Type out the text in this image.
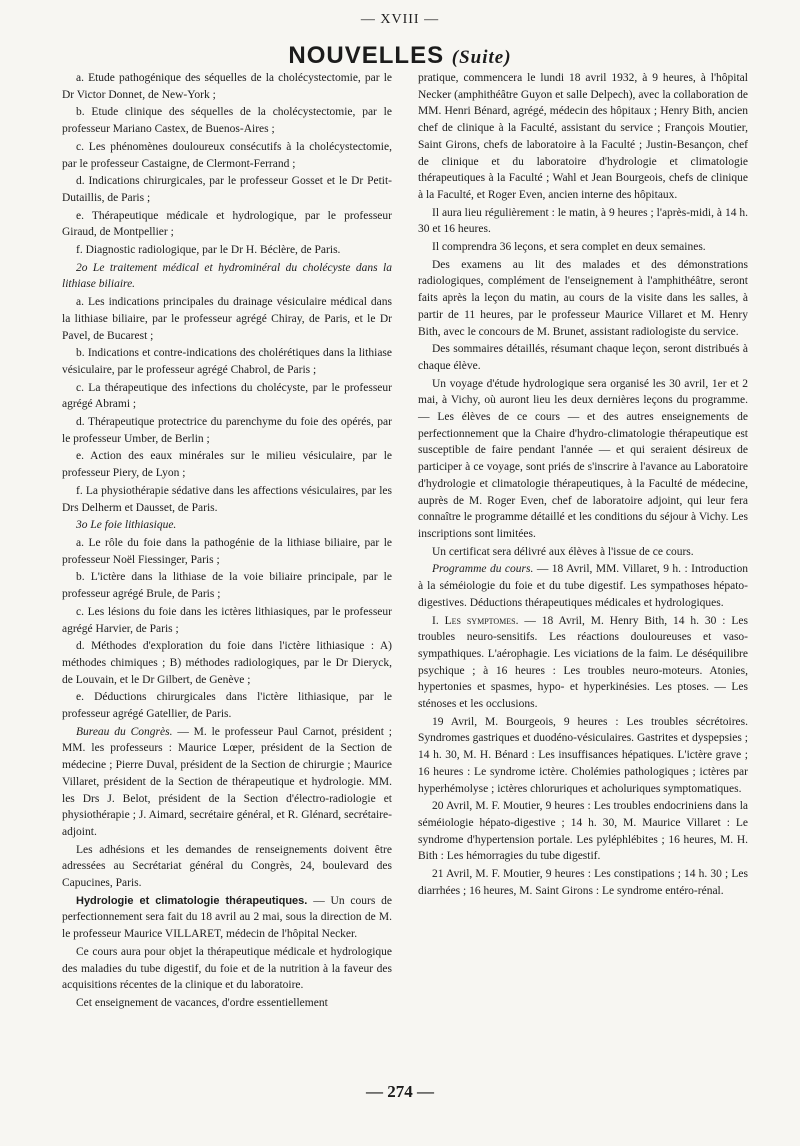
— XVIII —
NOUVELLES (Suite)

a. Etude pathogénique des séquelles de la cholécystectomie, par le Dr Victor Donnet, de New-York ;

b. Etude clinique des séquelles de la cholécystectomie, par le professeur Mariano Castex, de Buenos-Aires ;

c. Les phénomènes douloureux consécutifs à la cholécystectomie, par le professeur Castaigne, de Clermont-Ferrand ;

d. Indications chirurgicales, par le professeur Gosset et le Dr Petit-Dutaillis, de Paris ;

e. Thérapeutique médicale et hydrologique, par le professeur Giraud, de Montpellier ;

f. Diagnostic radiologique, par le Dr H. Béclère, de Paris.

2o Le traitement médical et hydrominéral du cholécyste dans la lithiase biliaire.

a. Les indications principales du drainage vésiculaire médical dans la lithiase biliaire, par le professeur agrégé Chiray, de Paris, et le Dr Pavel, de Bucarest ;

b. Indications et contre-indications des cholérétiques dans la lithiase vésiculaire, par le professeur agrégé Chabrol, de Paris ;

c. La thérapeutique des infections du cholécyste, par le professeur agrégé Abrami ;

d. Thérapeutique protectrice du parenchyme du foie des opérés, par le professeur Umber, de Berlin ;

e. Action des eaux minérales sur le milieu vésiculaire, par le professeur Piery, de Lyon ;

f. La physiothérapie sédative dans les affections vésiculaires, par les Drs Delherm et Dausset, de Paris.

3o Le foie lithiasique.

a. Le rôle du foie dans la pathogénie de la lithiase biliaire, par le professeur Noël Fiessinger, Paris ;

b. L'ictère dans la lithiase de la voie biliaire principale, par le professeur agrégé Brule, de Paris ;

c. Les lésions du foie dans les ictères lithiasiques, par le professeur agrégé Harvier, de Paris ;

d. Méthodes d'exploration du foie dans l'ictère lithiasique : A) méthodes chimiques ; B) méthodes radiologiques, par le Dr Dieryck, de Louvain, et le Dr Gilbert, de Genève ;

e. Déductions chirurgicales dans l'ictère lithiasique, par le professeur agrégé Gatellier, de Paris.

Bureau du Congrès. — M. le professeur Paul Carnot, président ; MM. les professeurs : Maurice Lœper, président de la Section de médecine ; Pierre Duval, président de la Section de chirurgie ; Maurice Villaret, président de la Section de thérapeutique et hydrologie. MM. les Drs J. Belot, président de la Section d'électro-radiologie et physiothérapie ; J. Aimard, secrétaire général, et R. Glénard, secrétaire-adjoint.

Les adhésions et les demandes de renseignements doivent être adressées au Secrétariat général du Congrès, 24, boulevard des Capucines, Paris.

Hydrologie et climatologie thérapeutiques. — Un cours de perfectionnement sera fait du 18 avril au 2 mai, sous la direction de M. le professeur Maurice VILLARET, médecin de l'hôpital Necker.

Ce cours aura pour objet la thérapeutique médicale et hydrologique des maladies du tube digestif, du foie et de la nutrition à la faveur des acquisitions récentes de la clinique et du laboratoire.

Cet enseignement de vacances, d'ordre essentiellement

pratique, commencera le lundi 18 avril 1932, à 9 heures, à l'hôpital Necker (amphithéâtre Guyon et salle Delpech), avec la collaboration de MM. Henri Bénard, agrégé, médecin des hôpitaux ; Henry Bith, ancien chef de clinique à la Faculté, assistant du service ; François Moutier, Saint Girons, chefs de laboratoire à la Faculté ; Justin-Besançon, chef de clinique et du laboratoire d'hydrologie et climatologie thérapeutiques à la Faculté ; Wahl et Jean Bourgeois, chefs de clinique à la Faculté, et Roger Even, ancien interne des hôpitaux.

Il aura lieu régulièrement : le matin, à 9 heures ; l'après-midi, à 14 h. 30 et 16 heures.

Il comprendra 36 leçons, et sera complet en deux semaines.

Des examens au lit des malades et des démonstrations radiologiques, complément de l'enseignement à l'amphithéâtre, seront faits après la leçon du matin, au cours de la visite dans les salles, à partir de 11 heures, par le professeur Maurice Villaret et M. Henry Bith, avec le concours de M. Brunet, assistant radiologiste du service.

Des sommaires détaillés, résumant chaque leçon, seront distribués à chaque élève.

Un voyage d'étude hydrologique sera organisé les 30 avril, 1er et 2 mai, à Vichy, où auront lieu les deux dernières leçons du programme. — Les élèves de ce cours — et des autres enseignements de perfectionnement que la Chaire d'hydro-climatologie thérapeutique est susceptible de faire pendant l'année — et qui seraient désireux de participer à ce voyage, sont priés de s'inscrire à l'avance au Laboratoire d'hydrologie et climatologie thérapeutiques, à la Faculté de médecine, auprès de M. Roger Even, chef de laboratoire adjoint, qui leur fera connaître le programme détaillé et les conditions du séjour à Vichy. Les inscriptions sont limitées.

Un certificat sera délivré aux élèves à l'issue de ce cours.

Programme du cours. — 18 Avril, MM. Villaret, 9 h. : Introduction à la séméiologie du foie et du tube digestif. Les sympathoses hépato-digestives. Déductions thérapeutiques médicales et hydrologiques.

I. Les symptomes. — 18 Avril, M. Henry Bith, 14 h. 30 : Les troubles neuro-sensitifs. Les réactions douloureuses et vaso-sympathiques. L'aérophagie. Les viciations de la faim. Le déséquilibre psychique ; à 16 heures : Les troubles neuro-moteurs. Atonies, hypertonies et spasmes, hypo- et hyperkinésies. Les ptoses. — Les sténoses et les occlusions.

19 Avril, M. Bourgeois, 9 heures : Les troubles sécrétoires. Syndromes gastriques et duodéno-vésiculaires. Gastrites et dyspepsies ; 14 h. 30, M. H. Bénard : Les insuffisances hépatiques. L'ictère grave ; 16 heures : Le syndrome ictère. Cholémies pathologiques ; ictères par hyperhémolyse ; ictères chloruriques et acholuriques symptomatiques.

20 Avril, M. F. Moutier, 9 heures : Les troubles endocriniens dans la séméiologie hépato-digestive ; 14 h. 30, M. Maurice Villaret : Le syndrome d'hypertension portale. Les pyléphlébites ; 16 heures, M. H. Bith : Les hémorragies du tube digestif.

21 Avril, M. F. Moutier, 9 heures : Les constipations ; 14 h. 30 ; Les diarrhées ; 16 heures, M. Saint Girons : Le syndrome entéro-rénal.

— 274 —
